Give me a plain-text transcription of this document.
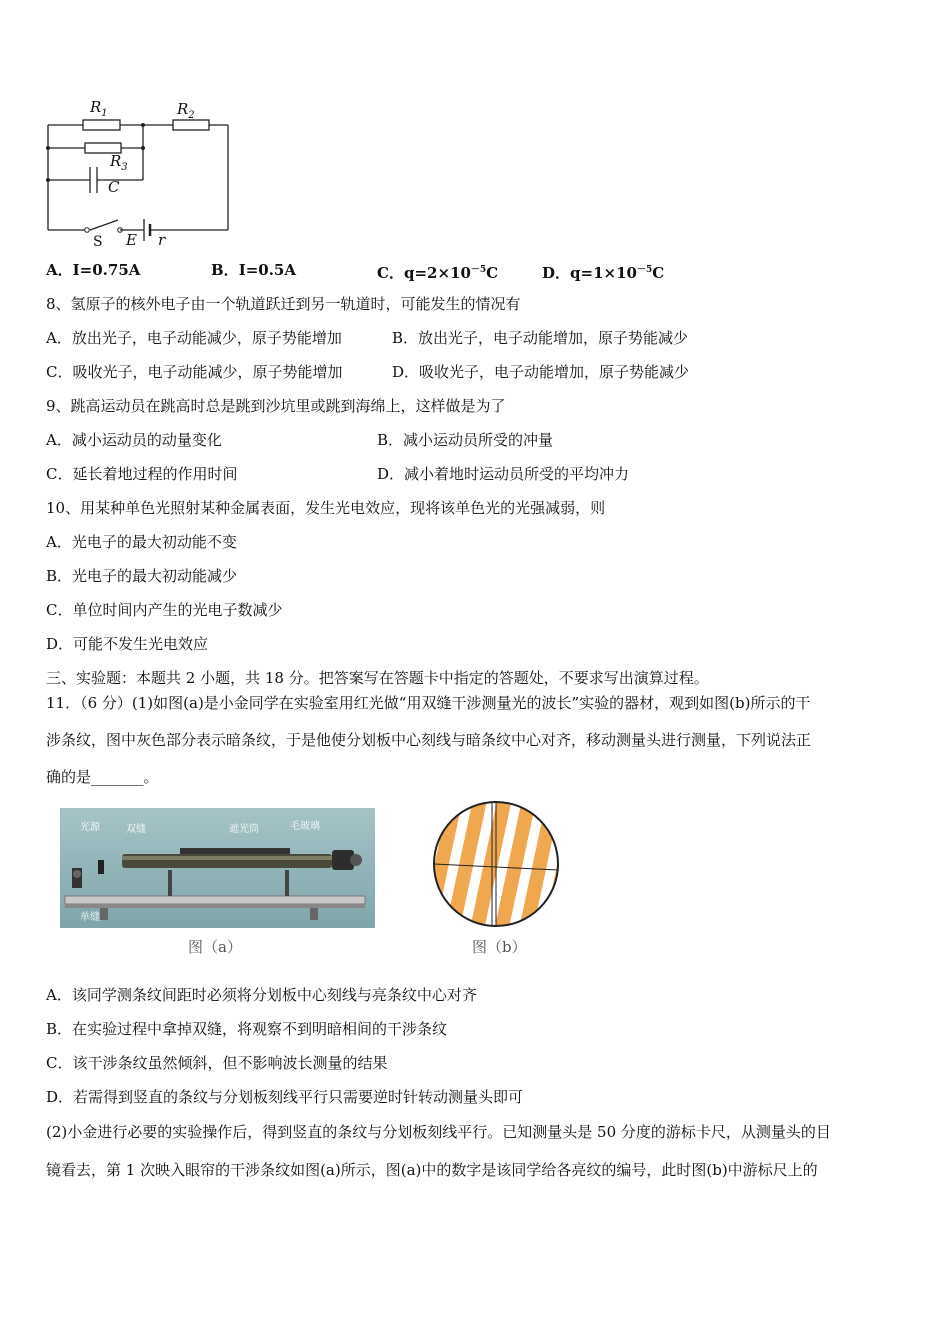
$R_1$	$R_2$
$R_3$
C
S E r
A．I=0.75A	B．I=0.5A	C．$q=2\times 10^{-5}C$	D．$q=1\times 10^{-5}C$
8、氢原子的核外电子由一个轨道跃迁到另一轨道时，可能发生的情况有
A．放出光子，电子动能减少，原子势能增加	B．放出光子，电子动能增加，原子势能减少
C．吸收光子，电子动能减少，原子势能增加	D．吸收光子，电子动能增加，原子势能减少
9、跳高运动员在跳高时总是跳到沙坑里或跳到海绵上，这样做是为了
A．减小运动员的动量变化	B．减小运动员所受的冲量
C．延长着地过程的作用时间	D．减小着地时运动员所受的平均冲力
10、用某种单色光照射某种金属表面，发生光电效应，现将该单色光的光强减弱，则
A．光电子的最大初动能不变
B．光电子的最大初动能减少
C．单位时间内产生的光电子数减少
D．可能不发生光电效应
三、实验题：本题共 2 小题，共 18 分。把答案写在答题卡中指定的答题处，不要求写出演算过程。
11．（6 分）(1)如图(a)是小金同学在实验室用红光做“用双缝干涉测量光的波长”实验的器材，观到如图(b)所示的干
涉条纹，图中灰色部分表示暗条纹，于是他使分划板中心刻线与暗条纹中心对齐，移动测量头进行测量，下列说法正
确的是_______。
光源	双缝	遮光筒	毛玻璃
单缝
图（a）	图（b）
A．该同学测条纹间距时必须将分划板中心刻线与亮条纹中心对齐
B．在实验过程中拿掉双缝，将观察不到明暗相间的干涉条纹
C．该干涉条纹虽然倾斜，但不影响波长测量的结果
D．若需得到竖直的条纹与分划板刻线平行只需要逆时针转动测量头即可
(2)小金进行必要的实验操作后，得到竖直的条纹与分划板刻线平行。已知测量头是 50 分度的游标卡尺，从测量头的目
镜看去，第 1 次映入眼帘的干涉条纹如图(a)所示，图(a)中的数字是该同学给各亮纹的编号，此时图(b)中游标尺上的
